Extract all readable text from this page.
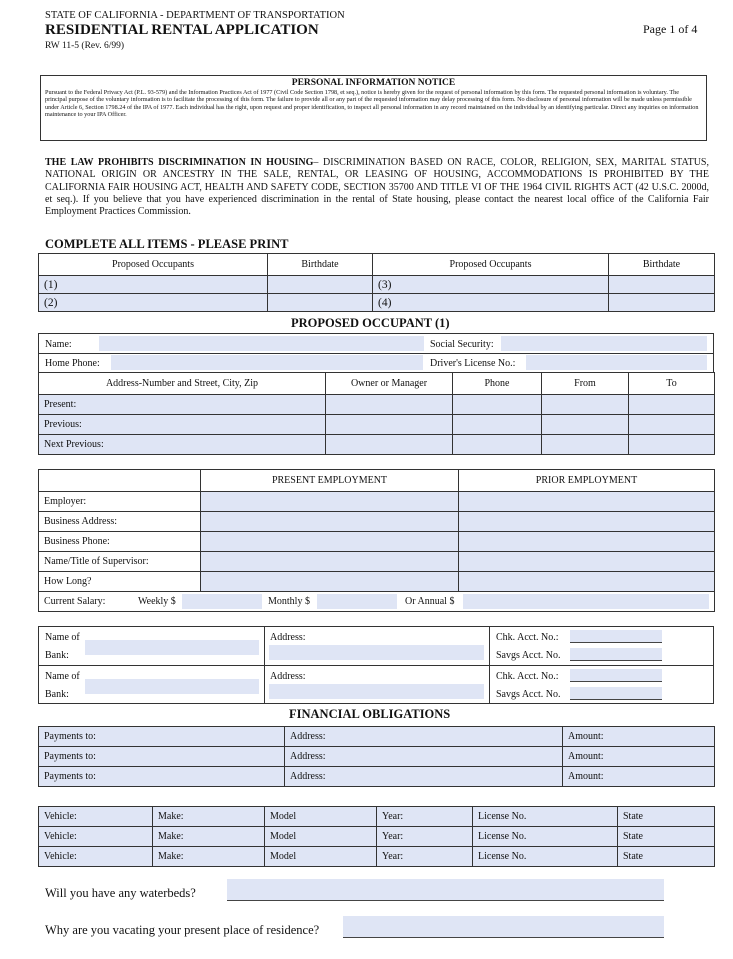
STATE OF CALIFORNIA - DEPARTMENT OF TRANSPORTATION
RESIDENTIAL RENTAL APPLICATION
RW 11-5 (Rev. 6/99)
Page 1 of 4
PERSONAL INFORMATION NOTICE
Pursuant to the Federal Privacy Act (P.L. 93-579) and the Information Practices Act of 1977 (Civil Code Section 1798, et seq.), notice is hereby given for the request of personal information by this form. The requested personal information is voluntary. The principal purpose of the voluntary information is to facilitate the processing of this form. The failure to provide all or any part of the requested information may delay processing of this form. No disclosure of personal information will be made unless permissible under Article 6, Section 1798.24 of the IPA of 1977. Each individual has the right, upon request and proper identification, to inspect all personal information in any record maintained on the individual by an identifying particular. Direct any inquiries on information maintenance to your IPA Officer.
THE LAW PROHIBITS DISCRIMINATION IN HOUSING– DISCRIMINATION BASED ON RACE, COLOR, RELIGION, SEX, MARITAL STATUS, NATIONAL ORIGIN OR ANCESTRY IN THE SALE, RENTAL, OR LEASING OF HOUSING, ACCOMMODATIONS IS PROHIBITED BY THE CALIFORNIA FAIR HOUSING ACT, HEALTH AND SAFETY CODE, SECTION 35700 AND TITLE VI OF THE 1964 CIVIL RIGHTS ACT (42 U.S.C. 2000d, et seq.). If you believe that you have experienced discrimination in the rental of State housing, please contact the nearest local office of the California Fair Employment Practices Commission.
COMPLETE ALL ITEMS - PLEASE PRINT
Proposed Occupants	Birthdate	Proposed Occupants	Birthdate
(1)		(3)	
(2)		(4)	
PROPOSED OCCUPANT (1)
Name:	Social Security:
Home Phone:	Driver's License No.:
Address-Number and Street, City, Zip	Owner or Manager	Phone	From	To
Present:				
Previous:				
Next Previous:				
	PRESENT EMPLOYMENT	PRIOR EMPLOYMENT
Employer:		
Business Address:		
Business Phone:		
Name/Title of Supervisor:		
How Long?		
Current Salary: Weekly $ Monthly $ Or Annual $		
Name of
Bank:
Address:	Chk. Acct. No.:
Savgs Acct. No.
Name of
Bank:
Address:	Chk. Acct. No.:
Savgs Acct. No.
FINANCIAL OBLIGATIONS
Payments to:	Address:	Amount:
Payments to:	Address:	Amount:
Payments to:	Address:	Amount:
Vehicle:	Make:	Model	Year:	License No.	State
Vehicle:	Make:	Model	Year:	License No.	State
Vehicle:	Make:	Model	Year:	License No.	State
Will you have any waterbeds?
Why are you vacating your present place of residence?
